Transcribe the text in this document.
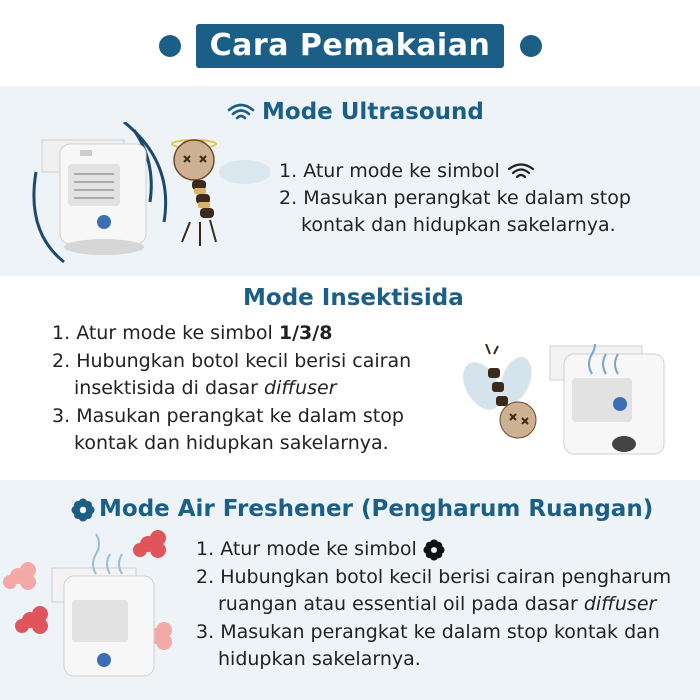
Cara Pemakaian
Mode Ultrasound
1. Atur mode ke simbol
2. Masukan perangkat ke dalam stop
kontak dan hidupkan sakelarnya.
Mode Insektisida
1. Atur mode ke simbol 1/3/8
2. Hubungkan botol kecil berisi cairan
insektisida di dasar diffuser
3. Masukan perangkat ke dalam stop
kontak dan hidupkan sakelarnya.
Mode Air Freshener (Pengharum Ruangan)
1. Atur mode ke simbol
2. Hubungkan botol kecil berisi cairan pengharum
ruangan atau essential oil pada dasar diffuser
3. Masukan perangkat ke dalam stop kontak dan
hidupkan sakelarnya.
